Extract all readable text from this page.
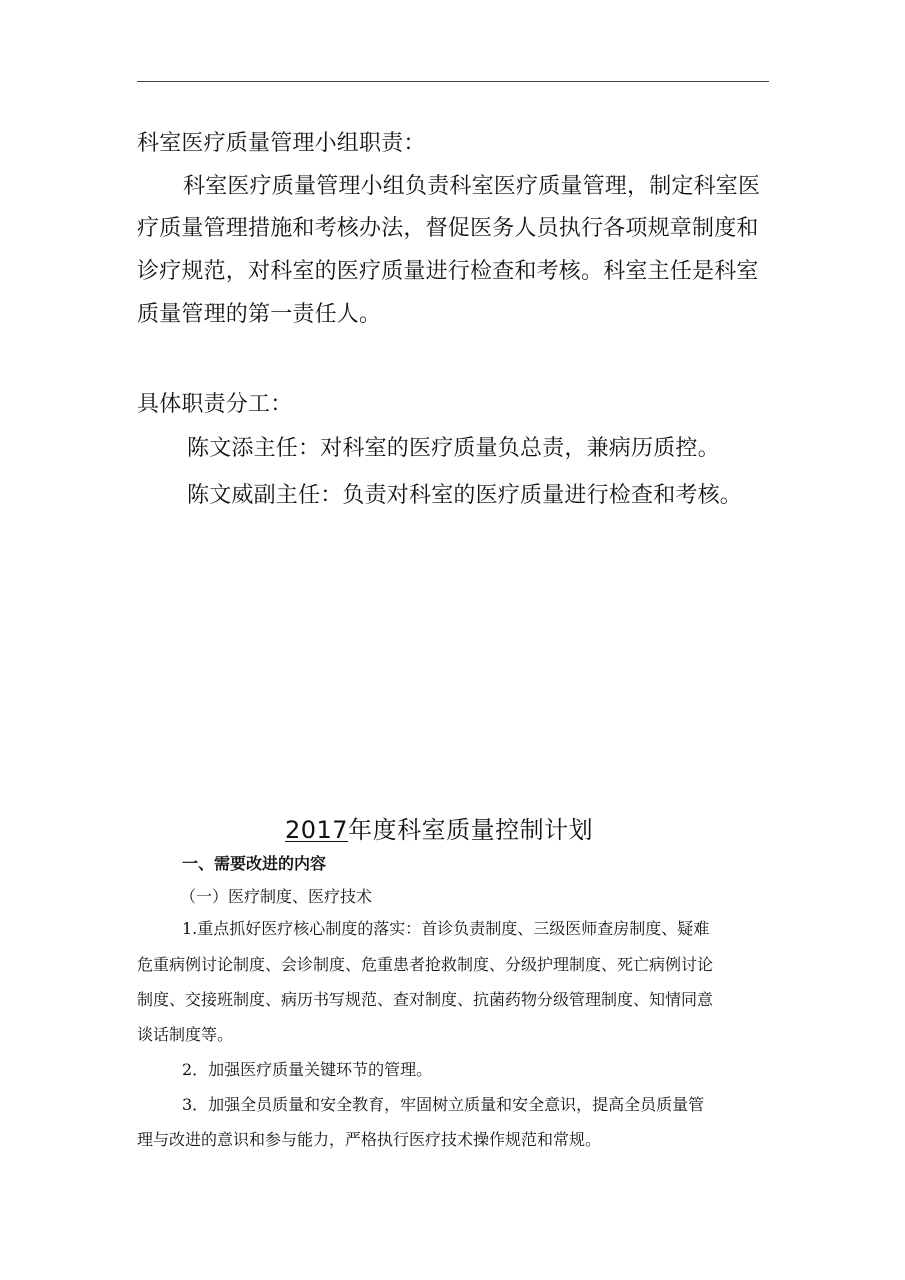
科室医疗质量管理小组职责：
科室医疗质量管理小组负责科室医疗质量管理，制定科室医
疗质量管理措施和考核办法，督促医务人员执行各项规章制度和
诊疗规范，对科室的医疗质量进行检查和考核。科室主任是科室
质量管理的第一责任人。
具体职责分工：
陈文添主任：对科室的医疗质量负总责，兼病历质控。
陈文威副主任：负责对科室的医疗质量进行检查和考核。
2017年度科室质量控制计划
一、需要改进的内容
（一）医疗制度、医疗技术
1.重点抓好医疗核心制度的落实：首诊负责制度、三级医师查房制度、疑难
危重病例讨论制度、会诊制度、危重患者抢救制度、分级护理制度、死亡病例讨论
制度、交接班制度、病历书写规范、查对制度、抗菌药物分级管理制度、知情同意
谈话制度等。
2．加强医疗质量关键环节的管理。
3．加强全员质量和安全教育，牢固树立质量和安全意识，提高全员质量管
理与改进的意识和参与能力，严格执行医疗技术操作规范和常规。
